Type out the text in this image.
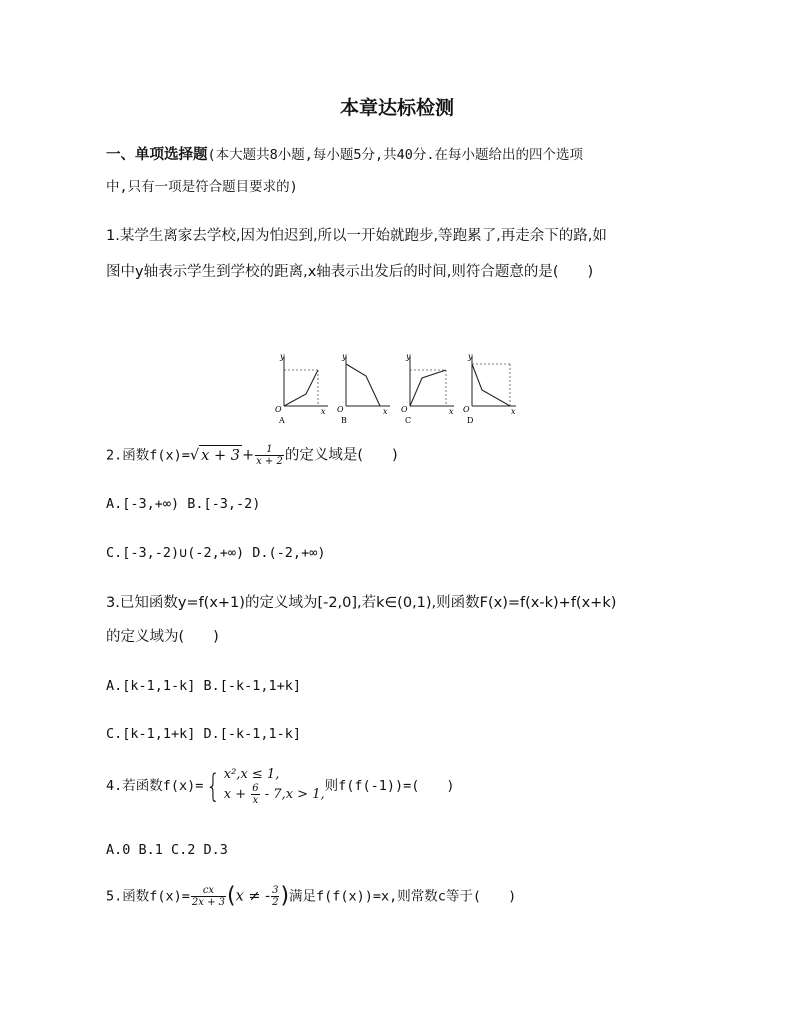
本章达标检测
一、单项选择题(本大题共8小题,每小题5分,共40分.在每小题给出的四个选项
中,只有一项是符合题目要求的)
1.某学生离家去学校,因为怕迟到,所以一开始就跑步,等跑累了,再走余下的路,如
图中y轴表示学生到学校的距离,x轴表示出发后的时间,则符合题意的是(　　)
y
x
O
A
y
x
O
B
y
x
O
C
y
x
O
D
2.函数f(x)=√ $x + 3 + \frac{1}{x + 2}$ 的定义域是(　　)
A.[-3,+∞) B.[-3,-2)
C.[-3,-2)∪(-2,+∞) D.(-2,+∞)
3.已知函数y=f(x+1)的定义域为[-2,0],若k∈(0,1),则函数F(x)=f(x-k)+f(x+k)
的定义域为(　　)
A.[k-1,1-k] B.[-k-1,1+k]
C.[k-1,1+k] D.[-k-1,1-k]
4.若函数f(x)={ x²,x ≤ 1,
$x + \frac{6}{x} - 7,x > 1$,
则f(f(-1))=(　　)
A.0 B.1 C.2 D.3
5.函数$f(x)= \frac{cx}{2x + 3} (x$ ≠ - $\frac{3}{2}$ )满足f(f(x))=x,则常数c等于(　　)
